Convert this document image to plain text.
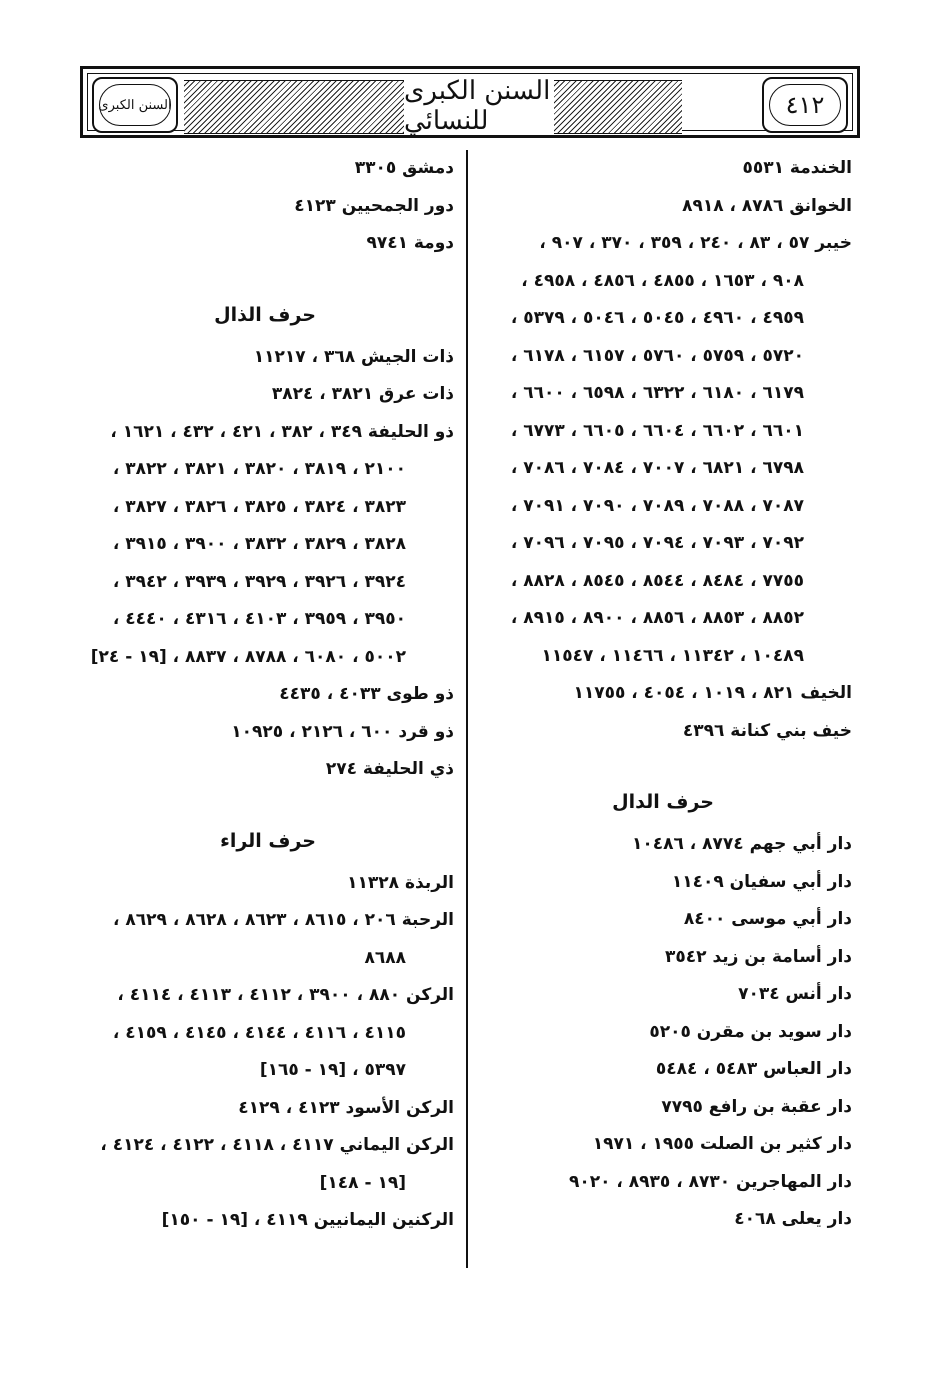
السنن الكبرى	السنن الكبرى للنسائي
٤١٢
الخندمة ٥٥٣١
الخوانق ٨٧٨٦ ، ٨٩١٨
خيبر ٥٧ ، ٨٣ ، ٢٤٠ ، ٣٥٩ ، ٣٧٠ ، ٩٠٧ ،
٩٠٨ ، ١٦٥٣ ، ٤٨٥٥ ، ٤٨٥٦ ، ٤٩٥٨ ،
٤٩٥٩ ، ٤٩٦٠ ، ٥٠٤٥ ، ٥٠٤٦ ، ٥٣٧٩ ،
٥٧٢٠ ، ٥٧٥٩ ، ٥٧٦٠ ، ٦١٥٧ ، ٦١٧٨ ،
٦١٧٩ ، ٦١٨٠ ، ٦٣٢٢ ، ٦٥٩٨ ، ٦٦٠٠ ،
٦٦٠١ ، ٦٦٠٢ ، ٦٦٠٤ ، ٦٦٠٥ ، ٦٧٧٣ ،
٦٧٩٨ ، ٦٨٢١ ، ٧٠٠٧ ، ٧٠٨٤ ، ٧٠٨٦ ،
٧٠٨٧ ، ٧٠٨٨ ، ٧٠٨٩ ، ٧٠٩٠ ، ٧٠٩١ ،
٧٠٩٢ ، ٧٠٩٣ ، ٧٠٩٤ ، ٧٠٩٥ ، ٧٠٩٦ ،
٧٧٥٥ ، ٨٤٨٤ ، ٨٥٤٤ ، ٨٥٤٥ ، ٨٨٢٨ ،
٨٨٥٢ ، ٨٨٥٣ ، ٨٨٥٦ ، ٨٩٠٠ ، ٨٩١٥ ،
١٠٤٨٩ ، ١١٣٤٢ ، ١١٤٦٦ ، ١١٥٤٧
الخيف ٨٢١ ، ١٠١٩ ، ٤٠٥٤ ، ١١٧٥٥
خيف بني كنانة ٤٣٩٦
حرف الدال
دار أبي جهم ٨٧٧٤ ، ١٠٤٨٦
دار أبي سفيان ١١٤٠٩
دار أبي موسى ٨٤٠٠
دار أسامة بن زيد ٣٥٤٢
دار أنس ٧٠٣٤
دار سويد بن مقرن ٥٢٠٥
دار العباس ٥٤٨٣ ، ٥٤٨٤
دار عقبة بن رافع ٧٧٩٥
دار كثير بن الصلت ١٩٥٥ ، ١٩٧١
دار المهاجرين ٨٧٣٠ ، ٨٩٣٥ ، ٩٠٢٠
دار يعلى ٤٠٦٨
دمشق ٣٣٠٥
دور الجمحيين ٤١٢٣
دومة ٩٧٤١
حرف الذال
ذات الجيش ٣٦٨ ، ١١٢١٧
ذات عرق ٣٨٢١ ، ٣٨٢٤
ذو الحليفة ٣٤٩ ، ٣٨٢ ، ٤٢١ ، ٤٣٢ ، ١٦٢١ ،
٢١٠٠ ، ٣٨١٩ ، ٣٨٢٠ ، ٣٨٢١ ، ٣٨٢٢ ،
٣٨٢٣ ، ٣٨٢٤ ، ٣٨٢٥ ، ٣٨٢٦ ، ٣٨٢٧ ،
٣٨٢٨ ، ٣٨٢٩ ، ٣٨٣٢ ، ٣٩٠٠ ، ٣٩١٥ ،
٣٩٢٤ ، ٣٩٢٦ ، ٣٩٢٩ ، ٣٩٣٩ ، ٣٩٤٢ ،
٣٩٥٠ ، ٣٩٥٩ ، ٤١٠٣ ، ٤٣١٦ ، ٤٤٤٠ ،
٥٠٠٢ ، ٦٠٨٠ ، ٨٧٨٨ ، ٨٨٣٧ ، [١٩ - ٢٤]
ذو طوى ٤٠٣٣ ، ٤٤٣٥
ذو قرد ٦٠٠ ، ٢١٢٦ ، ١٠٩٢٥
ذي الحليفة ٢٧٤
حرف الراء
الربذة ١١٣٢٨
الرحبة ٢٠٦ ، ٨٦١٥ ، ٨٦٢٣ ، ٨٦٢٨ ، ٨٦٢٩ ،
٨٦٨٨
الركن ٨٨٠ ، ٣٩٠٠ ، ٤١١٢ ، ٤١١٣ ، ٤١١٤ ،
٤١١٥ ، ٤١١٦ ، ٤١٤٤ ، ٤١٤٥ ، ٤١٥٩ ،
٥٣٩٧ ، [١٩ - ١٦٥]
الركن الأسود ٤١٢٣ ، ٤١٢٩
الركن اليماني ٤١١٧ ، ٤١١٨ ، ٤١٢٢ ، ٤١٢٤ ،
[١٩ - ١٤٨]
الركنين اليمانيين ٤١١٩ ، [١٩ - ١٥٠]
